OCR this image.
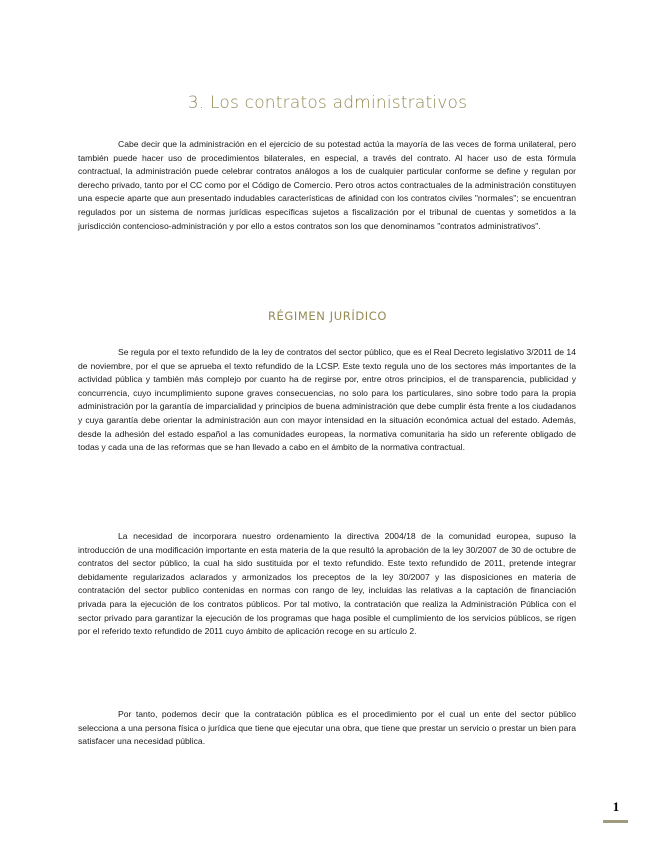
3. Los contratos administrativos

Cabe decir que la administración en el ejercicio de su potestad actúa la mayoría de las veces de forma unilateral, pero también puede hacer uso de procedimientos bilaterales, en especial, a través del contrato. Al hacer uso de esta fórmula contractual, la administración puede celebrar contratos análogos a los de cualquier particular conforme se define y regulan por derecho privado, tanto por el CC como por el Código de Comercio. Pero otros actos contractuales de la administración constituyen una especie aparte que aun presentado indudables características de afinidad con los contratos civiles "normales"; se encuentran regulados por un sistema de normas jurídicas específicas sujetos a fiscalización por el tribunal de cuentas y sometidos a la jurisdicción contencioso-administración y por ello a estos contratos son los que denominamos "contratos administrativos".

RÉGIMEN JURÍDICO

Se regula por el texto refundido de la ley de contratos del sector público, que es el Real Decreto legislativo 3/2011 de 14 de noviembre, por el que se aprueba el texto refundido de la LCSP. Este texto regula uno de los sectores más importantes de la actividad pública y también más complejo por cuanto ha de regirse por, entre otros principios, el de transparencia, publicidad y concurrencia, cuyo incumplimiento supone graves consecuencias, no solo para los particulares, sino sobre todo para la propia administración por la garantía de imparcialidad y principios de buena administración que debe cumplir ésta frente a los ciudadanos y cuya garantía debe orientar la administración aun con mayor intensidad en la situación económica actual del estado. Además, desde la adhesión del estado español a las comunidades europeas, la normativa comunitaria ha sido un referente obligado de todas y cada una de las reformas que se han llevado a cabo en el ámbito de la normativa contractual.

La necesidad de incorporara nuestro ordenamiento la directiva 2004/18 de la comunidad europea, supuso la introducción de una modificación importante en esta materia de la que resultó la aprobación de la ley 30/2007 de 30 de octubre de contratos del sector público, la cual ha sido sustituida por el texto refundido. Este texto refundido de 2011, pretende integrar debidamente regularizados aclarados y armonizados los preceptos de la ley 30/2007 y las disposiciones en materia de contratación del sector publico contenidas en normas con rango de ley, incluidas las relativas a la captación de financiación privada para la ejecución de los contratos públicos. Por tal motivo, la contratación que realiza la Administración Pública con el sector privado para garantizar la ejecución de los programas que haga posible el cumplimiento de los servicios públicos, se rigen por el referido texto refundido de 2011 cuyo ámbito de aplicación recoge en su artículo 2.

Por tanto, podemos decir que la contratación pública es el procedimiento por el cual un ente del sector público selecciona a una persona física o jurídica que tiene que ejecutar una obra, que tiene que prestar un servicio o prestar un bien para satisfacer una necesidad pública.

1
